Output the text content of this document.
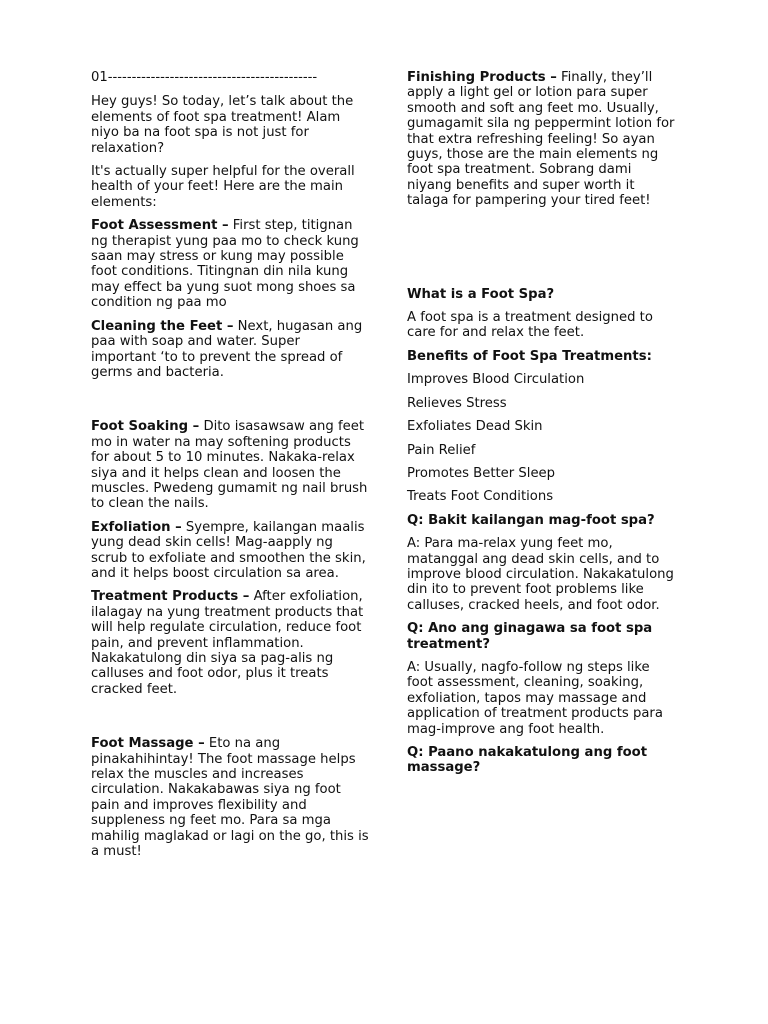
01--------------------------------------------

Hey guys! So today, let’s talk about the elements of foot spa treatment! Alam niyo ba na foot spa is not just for relaxation?

It's actually super helpful for the overall health of your feet! Here are the main elements:

Foot Assessment – First step, titignan ng therapist yung paa mo to check kung saan may stress or kung may possible foot conditions. Titingnan din nila kung may effect ba yung suot mong shoes sa condition ng paa mo

Cleaning the Feet – Next, hugasan ang paa with soap and water. Super important ‘to to prevent the spread of germs and bacteria.

Foot Soaking – Dito isasawsaw ang feet mo in water na may softening products for about 5 to 10 minutes. Nakaka-relax siya and it helps clean and loosen the muscles. Pwedeng gumamit ng nail brush to clean the nails.

Exfoliation – Syempre, kailangan maalis yung dead skin cells! Mag-aapply ng scrub to exfoliate and smoothen the skin, and it helps boost circulation sa area.

Treatment Products – After exfoliation, ilalagay na yung treatment products that will help regulate circulation, reduce foot pain, and prevent inflammation. Nakakatulong din siya sa pag-alis ng calluses and foot odor, plus it treats cracked feet.

Foot Massage – Eto na ang pinakahihintay! The foot massage helps relax the muscles and increases circulation. Nakakabawas siya ng foot pain and improves flexibility and suppleness ng feet mo. Para sa mga mahilig maglakad or lagi on the go, this is a must!

Finishing Products – Finally, they’ll apply a light gel or lotion para super smooth and soft ang feet mo. Usually, gumagamit sila ng peppermint lotion for that extra refreshing feeling! So ayan guys, those are the main elements ng foot spa treatment. Sobrang dami niyang benefits and super worth it talaga for pampering your tired feet!

What is a Foot Spa?

A foot spa is a treatment designed to care for and relax the feet.

Benefits of Foot Spa Treatments:

Improves Blood Circulation

Relieves Stress

Exfoliates Dead Skin

Pain Relief

Promotes Better Sleep

Treats Foot Conditions

Q: Bakit kailangan mag-foot spa?

A: Para ma-relax yung feet mo, matanggal ang dead skin cells, and to improve blood circulation. Nakakatulong din ito to prevent foot problems like calluses, cracked heels, and foot odor.

Q: Ano ang ginagawa sa foot spa treatment?

A: Usually, nagfo-follow ng steps like foot assessment, cleaning, soaking, exfoliation, tapos may massage and application of treatment products para mag-improve ang foot health.

Q: Paano nakakatulong ang foot massage?
